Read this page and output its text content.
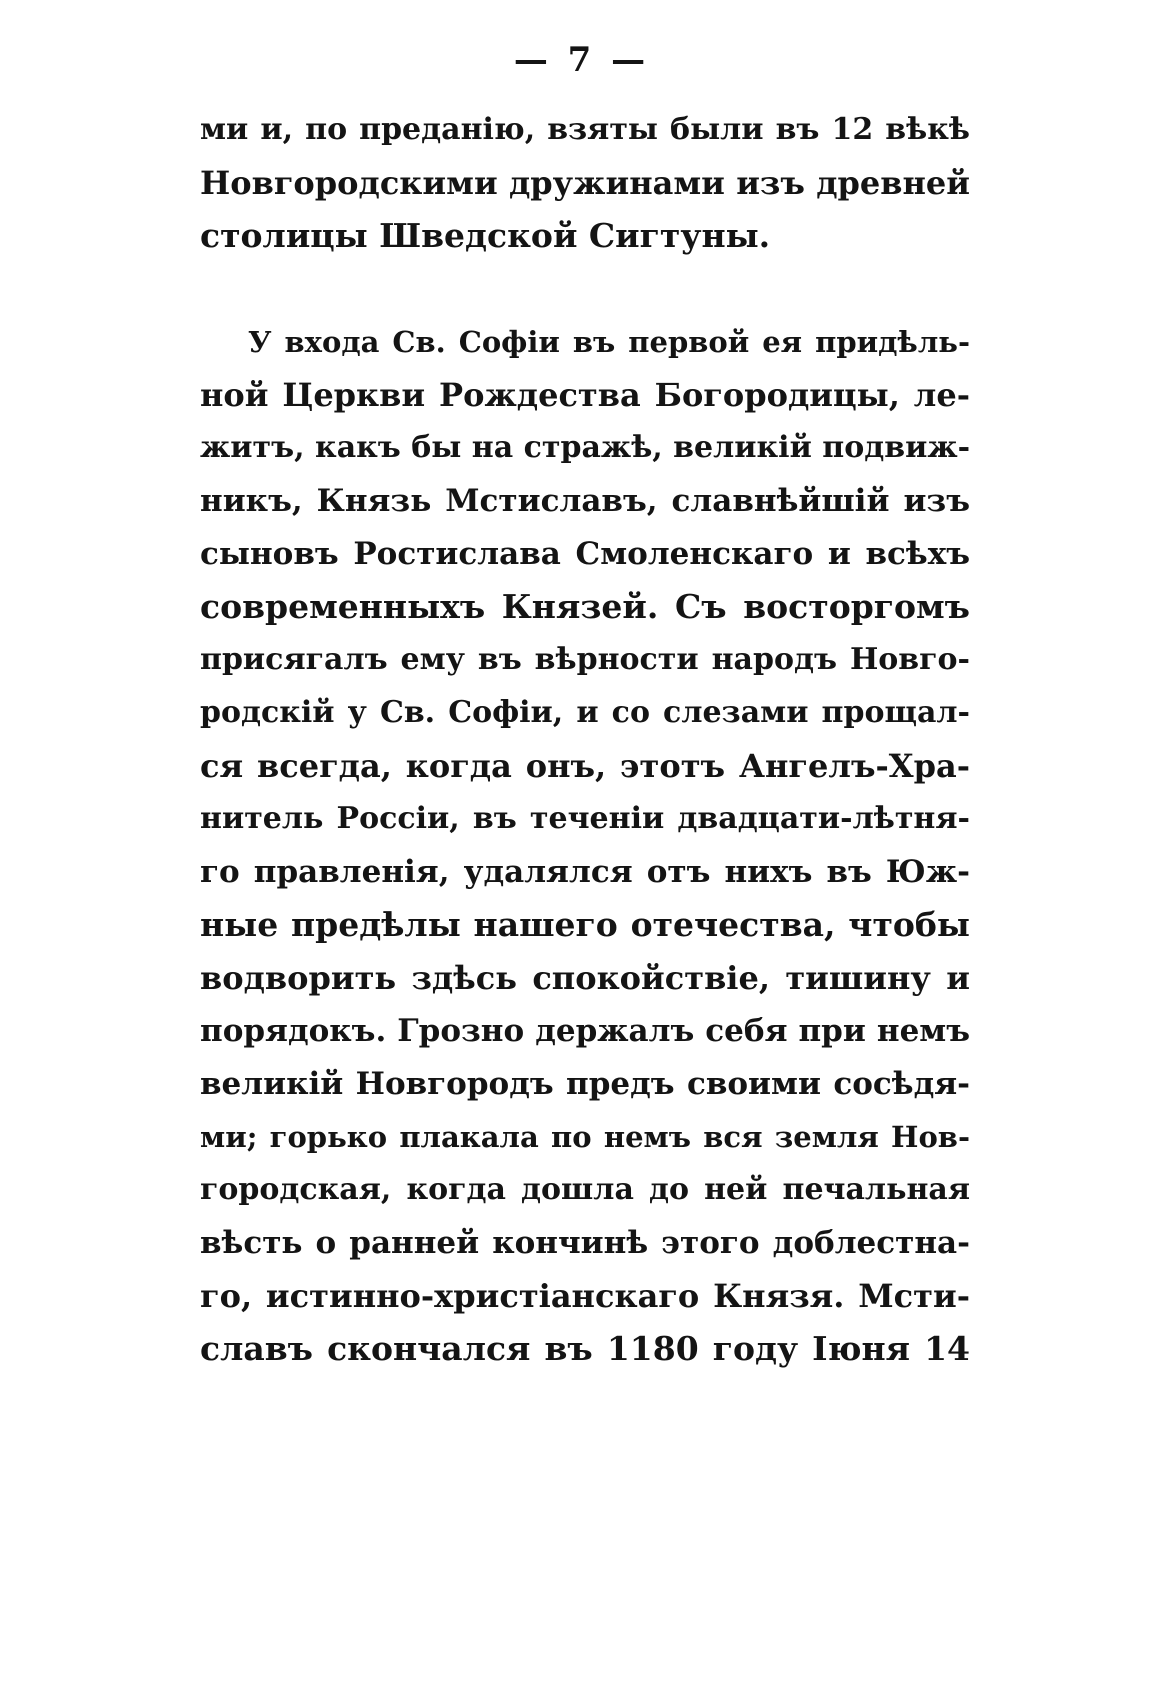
— 7 —
ми и, по преданію, взяты были въ 12 вѣкѣ
Новгородскими дружинами изъ древней
столицы Шведской Сигтуны.
У входа Св. Софіи въ первой ея придѣль-
ной Церкви Рождества Богородицы, ле-
житъ, какъ бы на стражѣ, великій подвиж-
никъ, Князь Мстиславъ, славнѣйшій изъ
сыновъ Ростислава Смоленскаго и всѣхъ
современныхъ Князей. Съ восторгомъ
присягалъ ему въ вѣрности народъ Новго-
родскій у Св. Софіи, и со слезами прощал-
ся всегда, когда онъ, этотъ Ангелъ-Хра-
нитель Россіи, въ теченіи двадцати-лѣтня-
го правленія, удалялся отъ нихъ въ Юж-
ные предѣлы нашего отечества, чтобы
водворить здѣсь спокойствіе, тишину и
порядокъ. Грозно держалъ себя при немъ
великій Новгородъ предъ своими сосѣдя-
ми; горько плакала по немъ вся земля Нов-
городская, когда дошла до ней печальная
вѣсть о ранней кончинѣ этого доблестна-
го, истинно-христіанскаго Князя. Мсти-
славъ скончался въ 1180 году Іюня 14
